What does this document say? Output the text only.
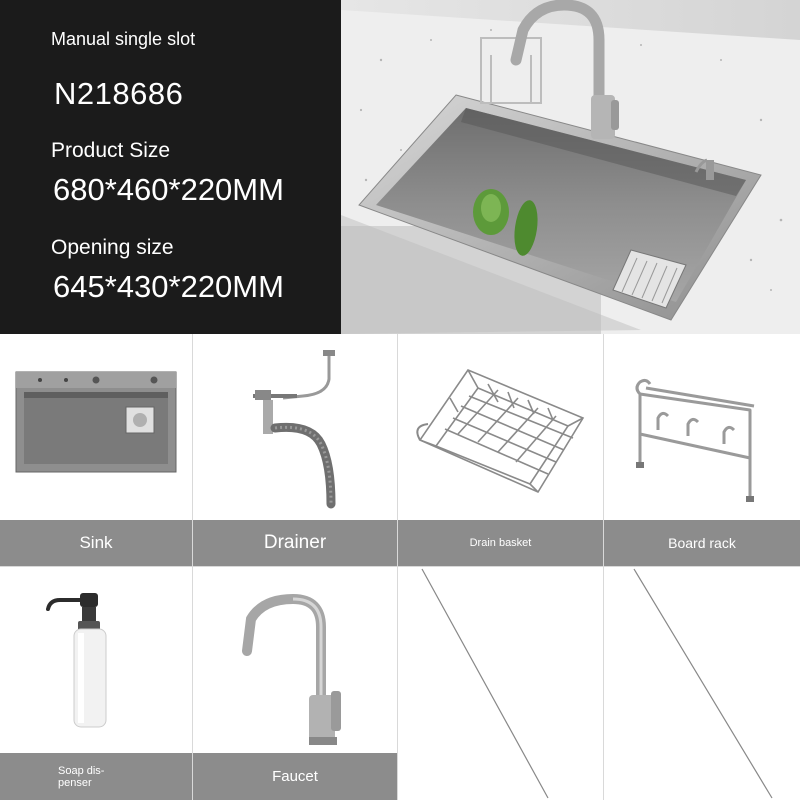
Manual single slot
N218686
Product Size
680*460*220MM
Opening size
645*430*220MM
Sink	Drainer	Drain basket	Board rack
Soap dis-
penser	Faucet
